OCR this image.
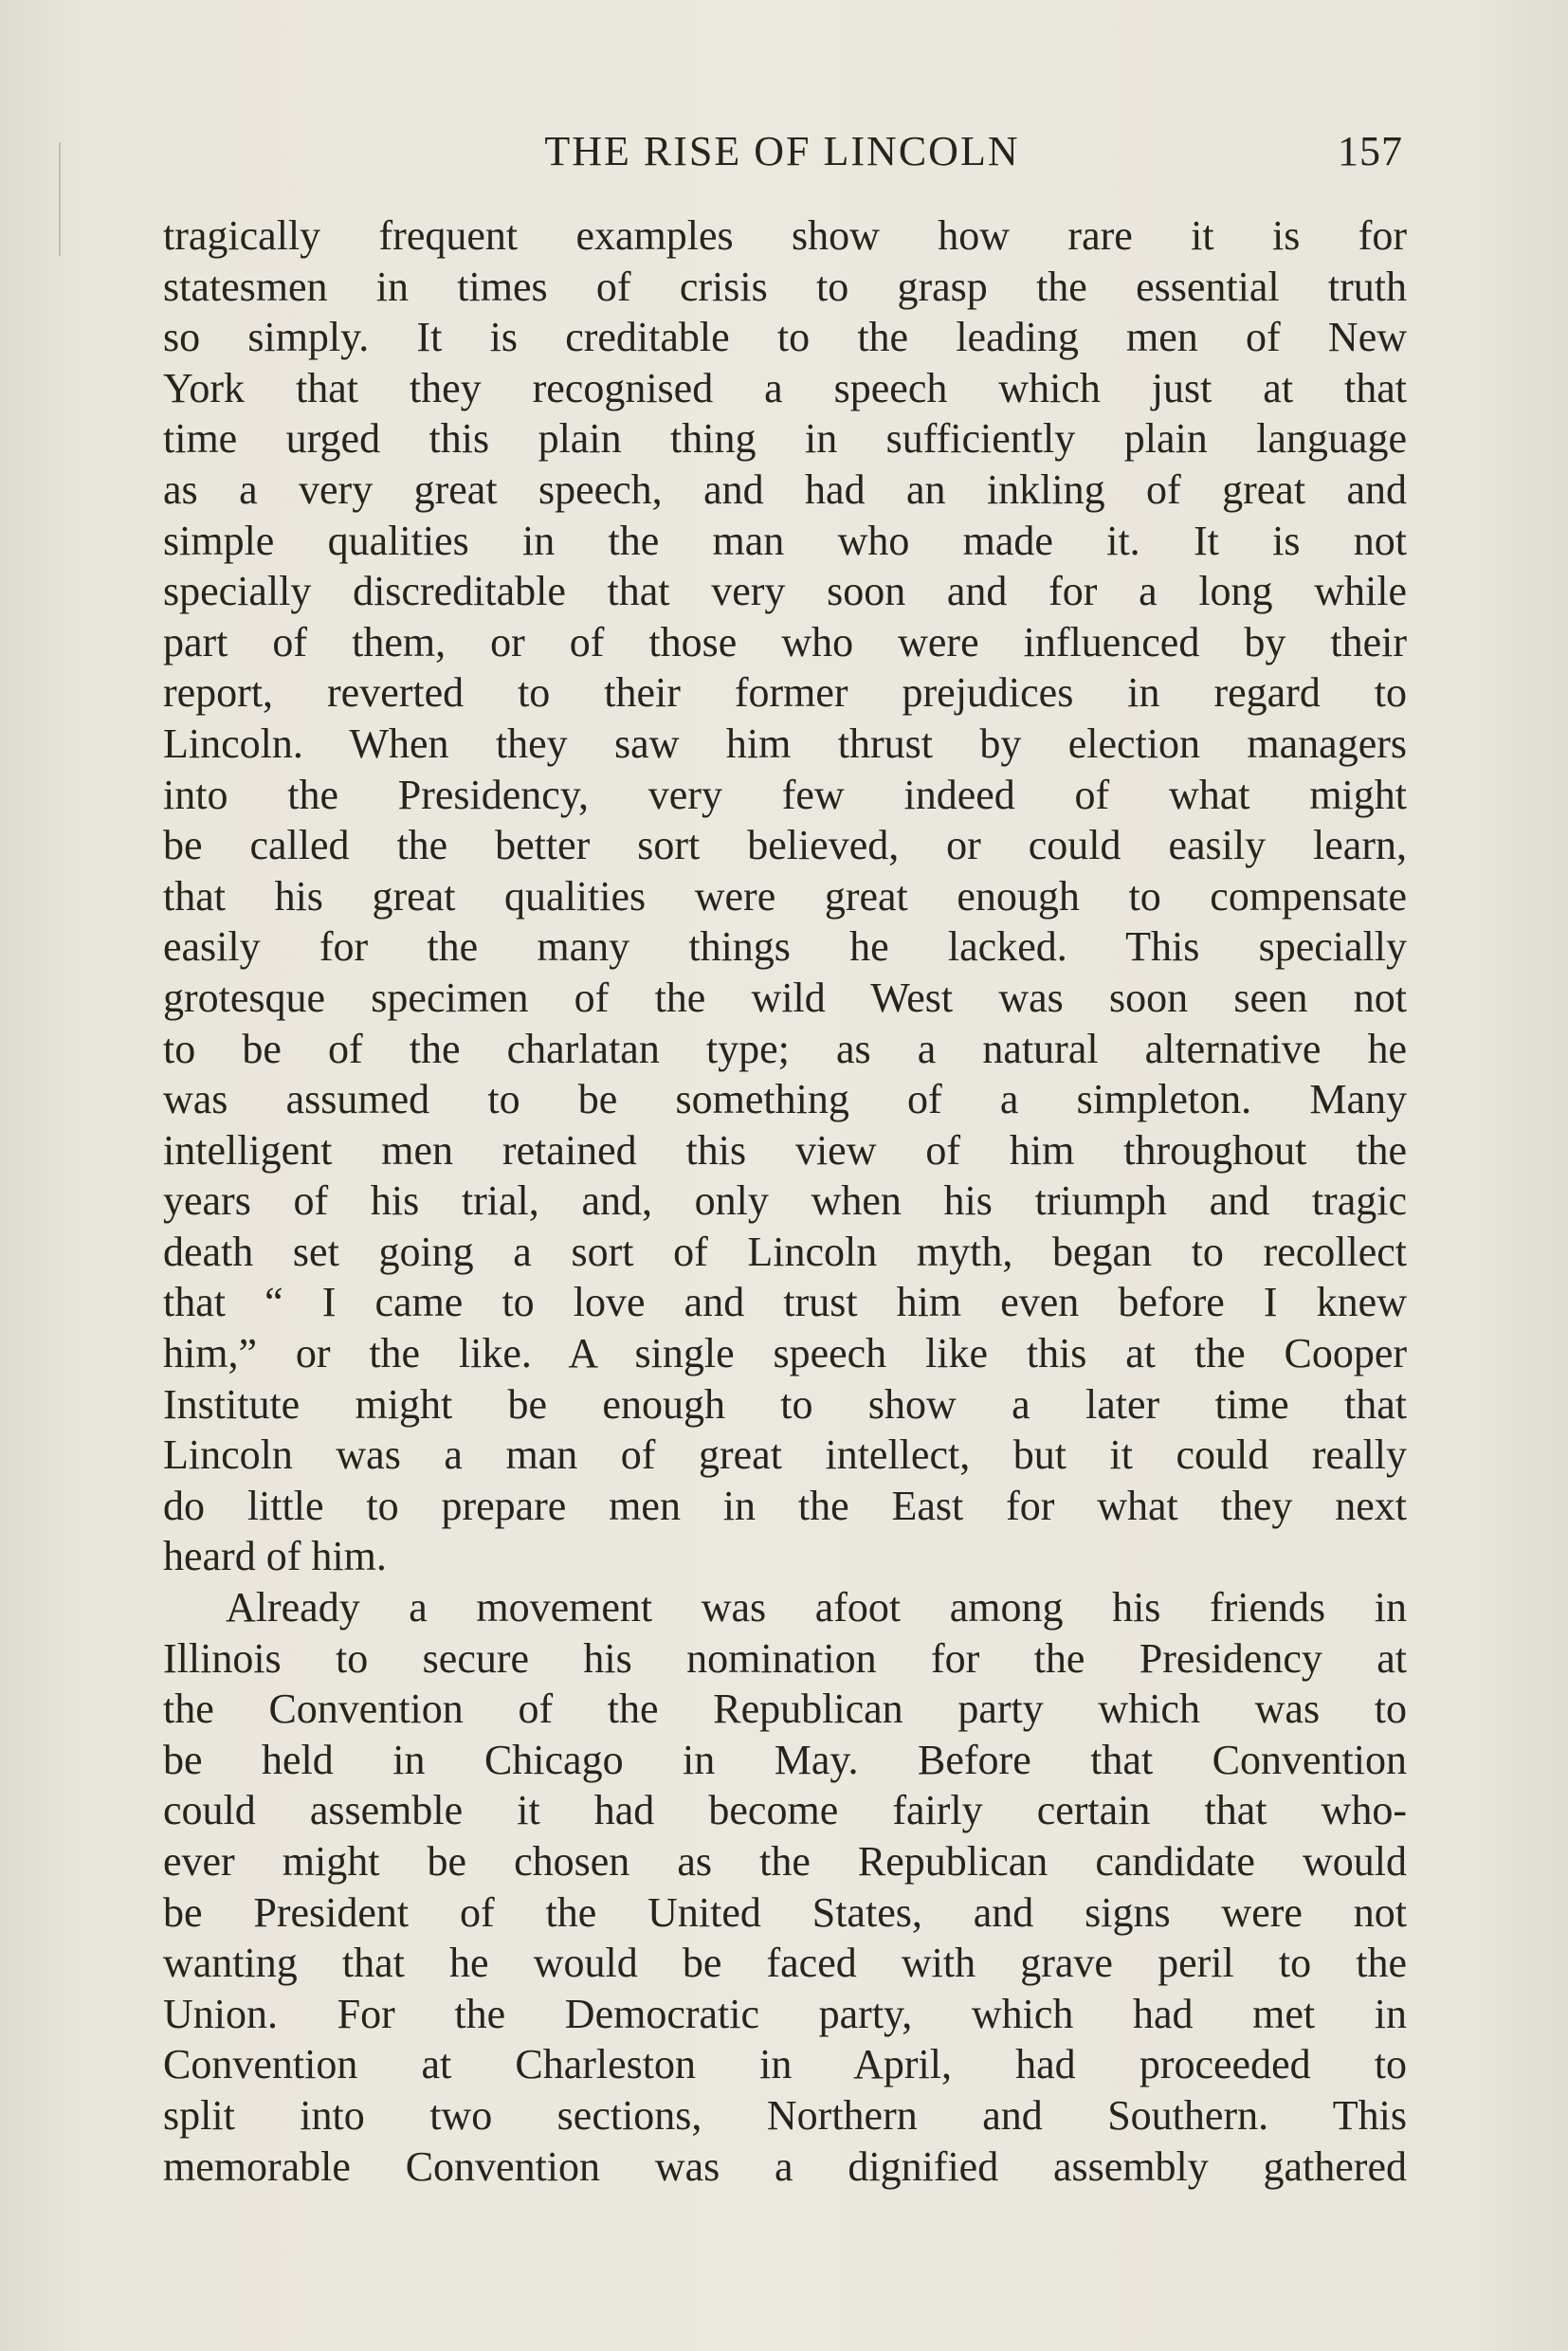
THE RISE OF LINCOLN	157

tragically frequent examples show how rare it is for
statesmen in times of crisis to grasp the essential truth
so simply. It is creditable to the leading men of New
York that they recognised a speech which just at that
time urged this plain thing in sufficiently plain language
as a very great speech, and had an inkling of great and
simple qualities in the man who made it. It is not
specially discreditable that very soon and for a long while
part of them, or of those who were influenced by their
report, reverted to their former prejudices in regard to
Lincoln. When they saw him thrust by election managers
into the Presidency, very few indeed of what might
be called the better sort believed, or could easily learn,
that his great qualities were great enough to compensate
easily for the many things he lacked. This specially
grotesque specimen of the wild West was soon seen not
to be of the charlatan type; as a natural alternative he
was assumed to be something of a simpleton. Many
intelligent men retained this view of him throughout the
years of his trial, and, only when his triumph and tragic
death set going a sort of Lincoln myth, began to recollect
that “ I came to love and trust him even before I knew
him,” or the like. A single speech like this at the Cooper
Institute might be enough to show a later time that
Lincoln was a man of great intellect, but it could really
do little to prepare men in the East for what they next
heard of him.

Already a movement was afoot among his friends in
Illinois to secure his nomination for the Presidency at
the Convention of the Republican party which was to
be held in Chicago in May. Before that Convention
could assemble it had become fairly certain that who-
ever might be chosen as the Republican candidate would
be President of the United States, and signs were not
wanting that he would be faced with grave peril to the
Union. For the Democratic party, which had met in
Convention at Charleston in April, had proceeded to
split into two sections, Northern and Southern. This
memorable Convention was a dignified assembly gathered
